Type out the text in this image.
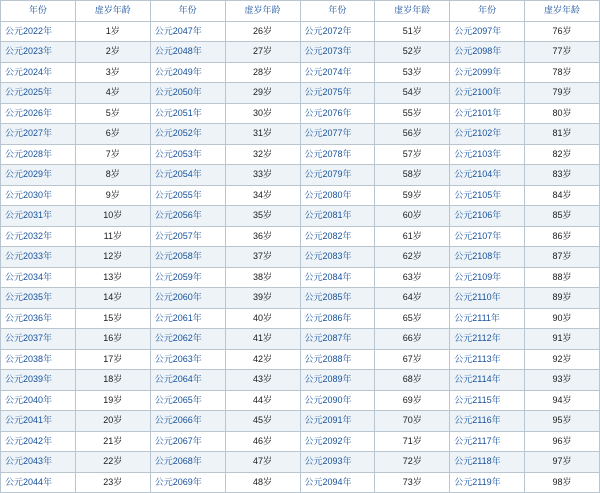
年份	虚岁年龄	年份	虚岁年龄	年份	虚岁年龄	年份	虚岁年龄
公元2022年	1岁	公元2047年	26岁	公元2072年	51岁	公元2097年	76岁
公元2023年	2岁	公元2048年	27岁	公元2073年	52岁	公元2098年	77岁
公元2024年	3岁	公元2049年	28岁	公元2074年	53岁	公元2099年	78岁
公元2025年	4岁	公元2050年	29岁	公元2075年	54岁	公元2100年	79岁
公元2026年	5岁	公元2051年	30岁	公元2076年	55岁	公元2101年	80岁
公元2027年	6岁	公元2052年	31岁	公元2077年	56岁	公元2102年	81岁
公元2028年	7岁	公元2053年	32岁	公元2078年	57岁	公元2103年	82岁
公元2029年	8岁	公元2054年	33岁	公元2079年	58岁	公元2104年	83岁
公元2030年	9岁	公元2055年	34岁	公元2080年	59岁	公元2105年	84岁
公元2031年	10岁	公元2056年	35岁	公元2081年	60岁	公元2106年	85岁
公元2032年	11岁	公元2057年	36岁	公元2082年	61岁	公元2107年	86岁
公元2033年	12岁	公元2058年	37岁	公元2083年	62岁	公元2108年	87岁
公元2034年	13岁	公元2059年	38岁	公元2084年	63岁	公元2109年	88岁
公元2035年	14岁	公元2060年	39岁	公元2085年	64岁	公元2110年	89岁
公元2036年	15岁	公元2061年	40岁	公元2086年	65岁	公元2111年	90岁
公元2037年	16岁	公元2062年	41岁	公元2087年	66岁	公元2112年	91岁
公元2038年	17岁	公元2063年	42岁	公元2088年	67岁	公元2113年	92岁
公元2039年	18岁	公元2064年	43岁	公元2089年	68岁	公元2114年	93岁
公元2040年	19岁	公元2065年	44岁	公元2090年	69岁	公元2115年	94岁
公元2041年	20岁	公元2066年	45岁	公元2091年	70岁	公元2116年	95岁
公元2042年	21岁	公元2067年	46岁	公元2092年	71岁	公元2117年	96岁
公元2043年	22岁	公元2068年	47岁	公元2093年	72岁	公元2118年	97岁
公元2044年	23岁	公元2069年	48岁	公元2094年	73岁	公元2119年	98岁
